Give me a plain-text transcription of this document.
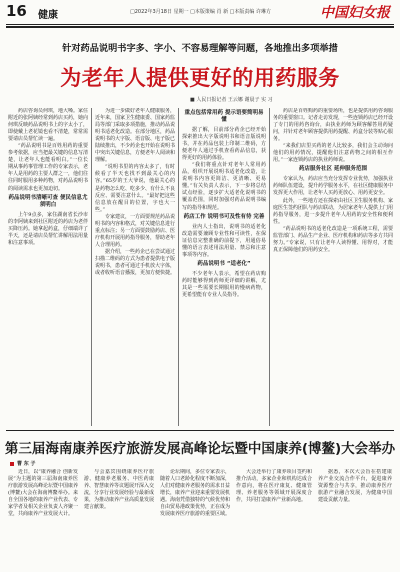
16 健康	□2022年3月18日 星期一 □本版策编 肖 新 □本版责编 许琳方	中国妇女报
针对药品说明书字多、字小、不容易理解等问题，各地推出多项举措
为老年人提供更好的用药服务
■ 人民日报记者 王云娜 谢晨子 实 习

药店咨询员何琪，地大嗓。家住附近的张阿姨经常到药店买药，她向何琪反映药品说明书上的字太小了，即使戴上老花镜也看不清楚，常常需要请店员帮忙读一遍。

“药品说明书是百姓用药的重要参考依据，应当把最关键的信息写清楚，让老年人也能看明白。”一位长期从事药事管理工作的专家表示，老年人是用药的主要人群之一，他们往往同时服用多种药物，对药品说明书的阅读需求也更加迫切。

药品说明书清晰可查 便民信息尤须明白

上午9点多，家住湖南省长沙市的李阿姨来到社区附近的药店为老伴买降压药。她拿起药盒，仔细端详了半天，还是请店员帮忙讲解用法用量和注意事项。

为进一步做好老年人健康服务，近年来，国家卫生健康委、国家药监局等部门采取多项措施，推动药品说明书适老化改造。在部分地区，药品说明书的大字版、语音版、电子版已陆续推出，不少药企也开始在说明书中突出关键信息，方便老年人阅读和理解。

“说明书里的内容太多了，有时候看了半天也找不到最关心的内容。”65岁的王大爷说，他最关心的是药物怎么吃、吃多少、有什么不良反应、需要注意什么。“最好把这些信息放在醒目的位置，字也大一些。”

专家建议，一方面要规范药品说明书的内容和格式，对关键信息进行重点标注；另一方面要鼓励药店、医疗机构开展用药指导服务，帮助老年人合理用药。

据介绍，一些药企已在尝试通过扫描二维码的方式为患者提供电子版说明书，患者可通过手机放大字体，或者收听语音播报，更加方便快捷。

重点包括常用药 提示语要简明易懂

据了解，目前部分药企已经开始探索推出大字版说明书和语音版说明书，并在药品包装上印制二维码，方便老年人通过手机查看药品信息，获得更好的用药体验。

“我们将重点针对老年人常用药品，组织开展说明书适老化改造，让说明书内容更简洁、更清晰、更易懂。”有关负责人表示，下一步将总结试点经验，逐步扩大适老化说明书的覆盖范围，同时加强对药品说明书编写的指导和规范。

药店工作 说明书可及性有待 完善

业内人士指出，说明书的适老化改造需要兼顾专业性和可读性，在保证信息完整准确的前提下，用通俗易懂的语言表述用法用量、禁忌和注意事项等内容。

药品说明书 “适老化”

不少老年人表示，希望在药店购药时能够得到药师更详细的讲解，尤其是一些需要长期服用的慢病药物，更希望能有专业人员指导。

药店是百姓购药的重要场所，也是提供用药咨询服务的重要窗口。记者走访发现，一些连锁药店已经开设了专门的用药咨询台，由执业药师为顾客解答用药疑问，并针对老年顾客提供用药提醒、药盒分装等贴心服务。

“来我们店里买药的老人比较多，我们会主动询问他们的用药情况，提醒他们注意药物之间的相互作用。”一家连锁药店的执业药师说。

药店服务社区 延伸服务范围

专家认为，药店应当充分发挥专业优势，加强执业药师队伍建设，提升药学服务水平，在社区健康服务中发挥更大作用，让老年人买药更放心、用药更安全。

此外，一些地方还在探索由社区卫生服务机构、家庭医生签约团队与药店联动，为居家老年人提供上门用药指导服务，进一步提升老年人用药的安全性和便利性。

“药品说明书的适老化改造是一项系统工程，需要监管部门、药品生产企业、医疗机构和药店等多方共同努力。”专家说，只有让老年人读得懂、用得对，才能真正保障他们的用药安全。

第三届海南康养医疗旅游发展高峰论坛暨中国康养(博鳌)大会举办
曹 东 子

近日，以“康养融合 创新发展”为主题的第三届海南康养医疗旅游发展高峰论坛暨中国康养(博鳌)大会在海南博鳌举办。来自全国各地的康养产业代表、专家学者及相关企业负责人齐聚一堂，共商康养产业发展大计。

与会嘉宾围绕康养医疗旅游、健康养老服务、中医药康养、智慧康养等议题展开深入交流，分享行业发展经验与最新成果，为推动康养产业高质量发展建言献策。

论坛期间，多位专家表示，随着人口老龄化程度不断加深，人们对健康养老服务的需求日益增长，康养产业迎来重要发展机遇。海南凭借独特的气候优势和自由贸易港政策优势，正在成为发展康养医疗旅游的重要区域。

大会还举行了康养项目签约和推介活动，多家企业和机构达成合作意向，将在医疗康复、健康管理、养老服务等领域开展深度合作，共同打造康养产业新高地。

据悉，本次大会旨在搭建康养产业交流合作平台，促进康养资源整合与共享，推动康养医疗旅游产业融合发展，为健康中国建设贡献力量。
